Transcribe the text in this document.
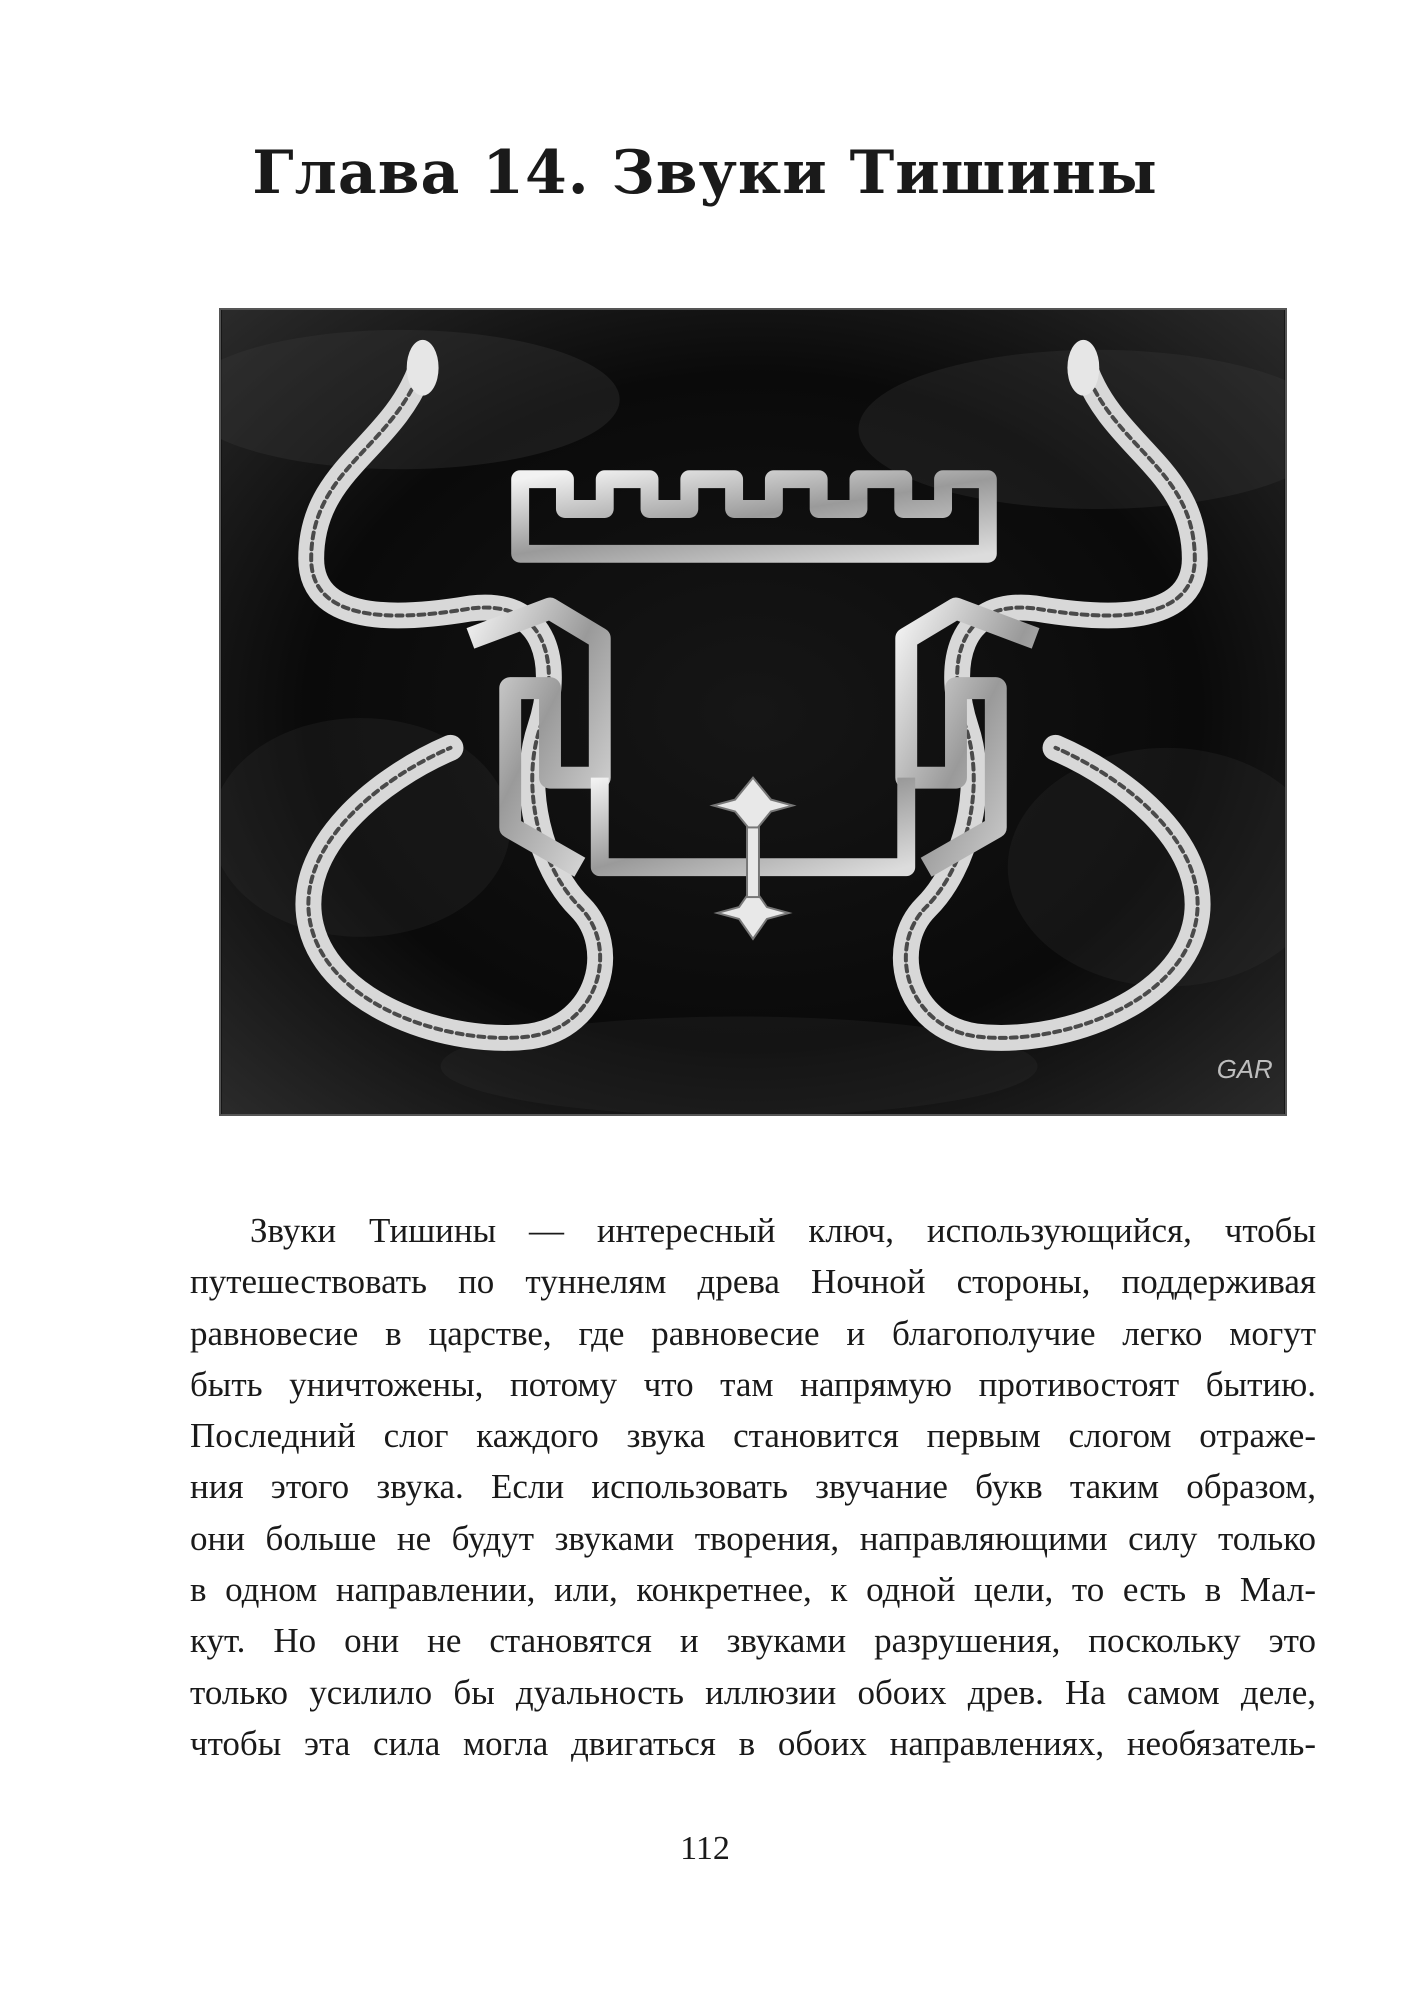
Глава 14. Звуки Тишины
GAR
Звуки Тишины — интересный ключ, использующийся, чтобы
путешествовать по туннелям древа Ночной стороны, поддерживая
равновесие в царстве, где равновесие и благополучие легко могут
быть уничтожены, потому что там напрямую противостоят бытию.
Последний слог каждого звука становится первым слогом отраже-
ния этого звука. Если использовать звучание букв таким образом,
они больше не будут звуками творения, направляющими силу только
в одном направлении, или, конкретнее, к одной цели, то есть в Мал-
кут. Но они не становятся и звуками разрушения, поскольку это
только усилило бы дуальность иллюзии обоих древ. На самом деле,
чтобы эта сила могла двигаться в обоих направлениях, необязатель-
112
